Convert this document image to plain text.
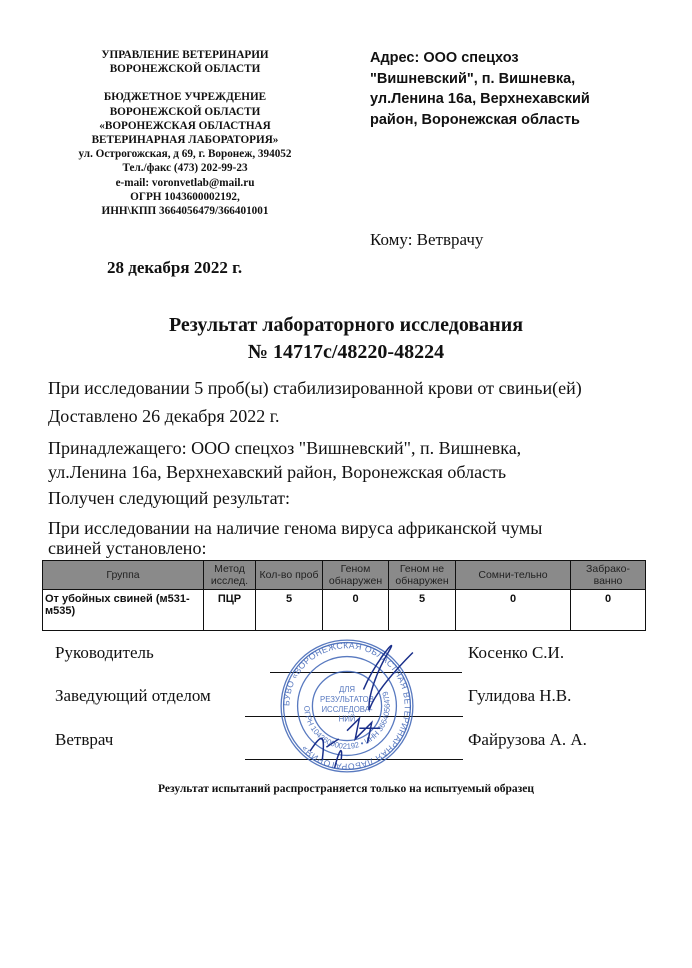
УПРАВЛЕНИЕ ВЕТЕРИНАРИИ
ВОРОНЕЖСКОЙ ОБЛАСТИ
БЮДЖЕТНОЕ УЧРЕЖДЕНИЕ
ВОРОНЕЖСКОЙ ОБЛАСТИ
«ВОРОНЕЖСКАЯ ОБЛАСТНАЯ
ВЕТЕРИНАРНАЯ ЛАБОРАТОРИЯ»
ул. Острогожская, д 69, г. Воронеж, 394052
Тел./факс (473) 202-99-23
e-mail: voronvetlab@mail.ru
ОГРН 1043600002192,
ИНН\КПП 3664056479/366401001
Адрес: ООО спецхоз
"Вишневский", п. Вишневка,
ул.Ленина 16а, Верхнехавский
район, Воронежская область
Кому: Ветврачу
28 декабря 2022 г.
Результат лабораторного исследования
№ 14717с/48220-48224
При исследовании 5 проб(ы) стабилизированной крови от свиньи(ей)
Доставлено 26 декабря 2022 г.
Принадлежащего: ООО спецхоз "Вишневский", п. Вишневка,
ул.Ленина 16а, Верхнехавский район, Воронежская область
Получен следующий результат:
При исследовании на наличие генома вируса африканской чумы
свиней установлено:
Группа	Метод исслед.	Кол-во проб	Геном обнаружен	Геном не обнаружен	Сомни-тельно	Забрако-ванно
От убойных свиней (м531-м535)	ПЦР	5	0	5	0	0
Руководитель	Косенко С.И.
Заведующий отделом	Гулидова Н.В.
Ветврач	Файрузова А. А.
БУВО «ВОРОНЕЖСКАЯ ОБЛАСТНАЯ ВЕТЕРИНАРНАЯ ЛАБОРАТОРИЯ»
ОГРН 1043600002192 • ИНН 3664056479
ДЛЯ
РЕЗУЛЬТАТОВ
ИССЛЕДОВА-
НИЙ
Результат испытаний распространяется только на испытуемый образец
